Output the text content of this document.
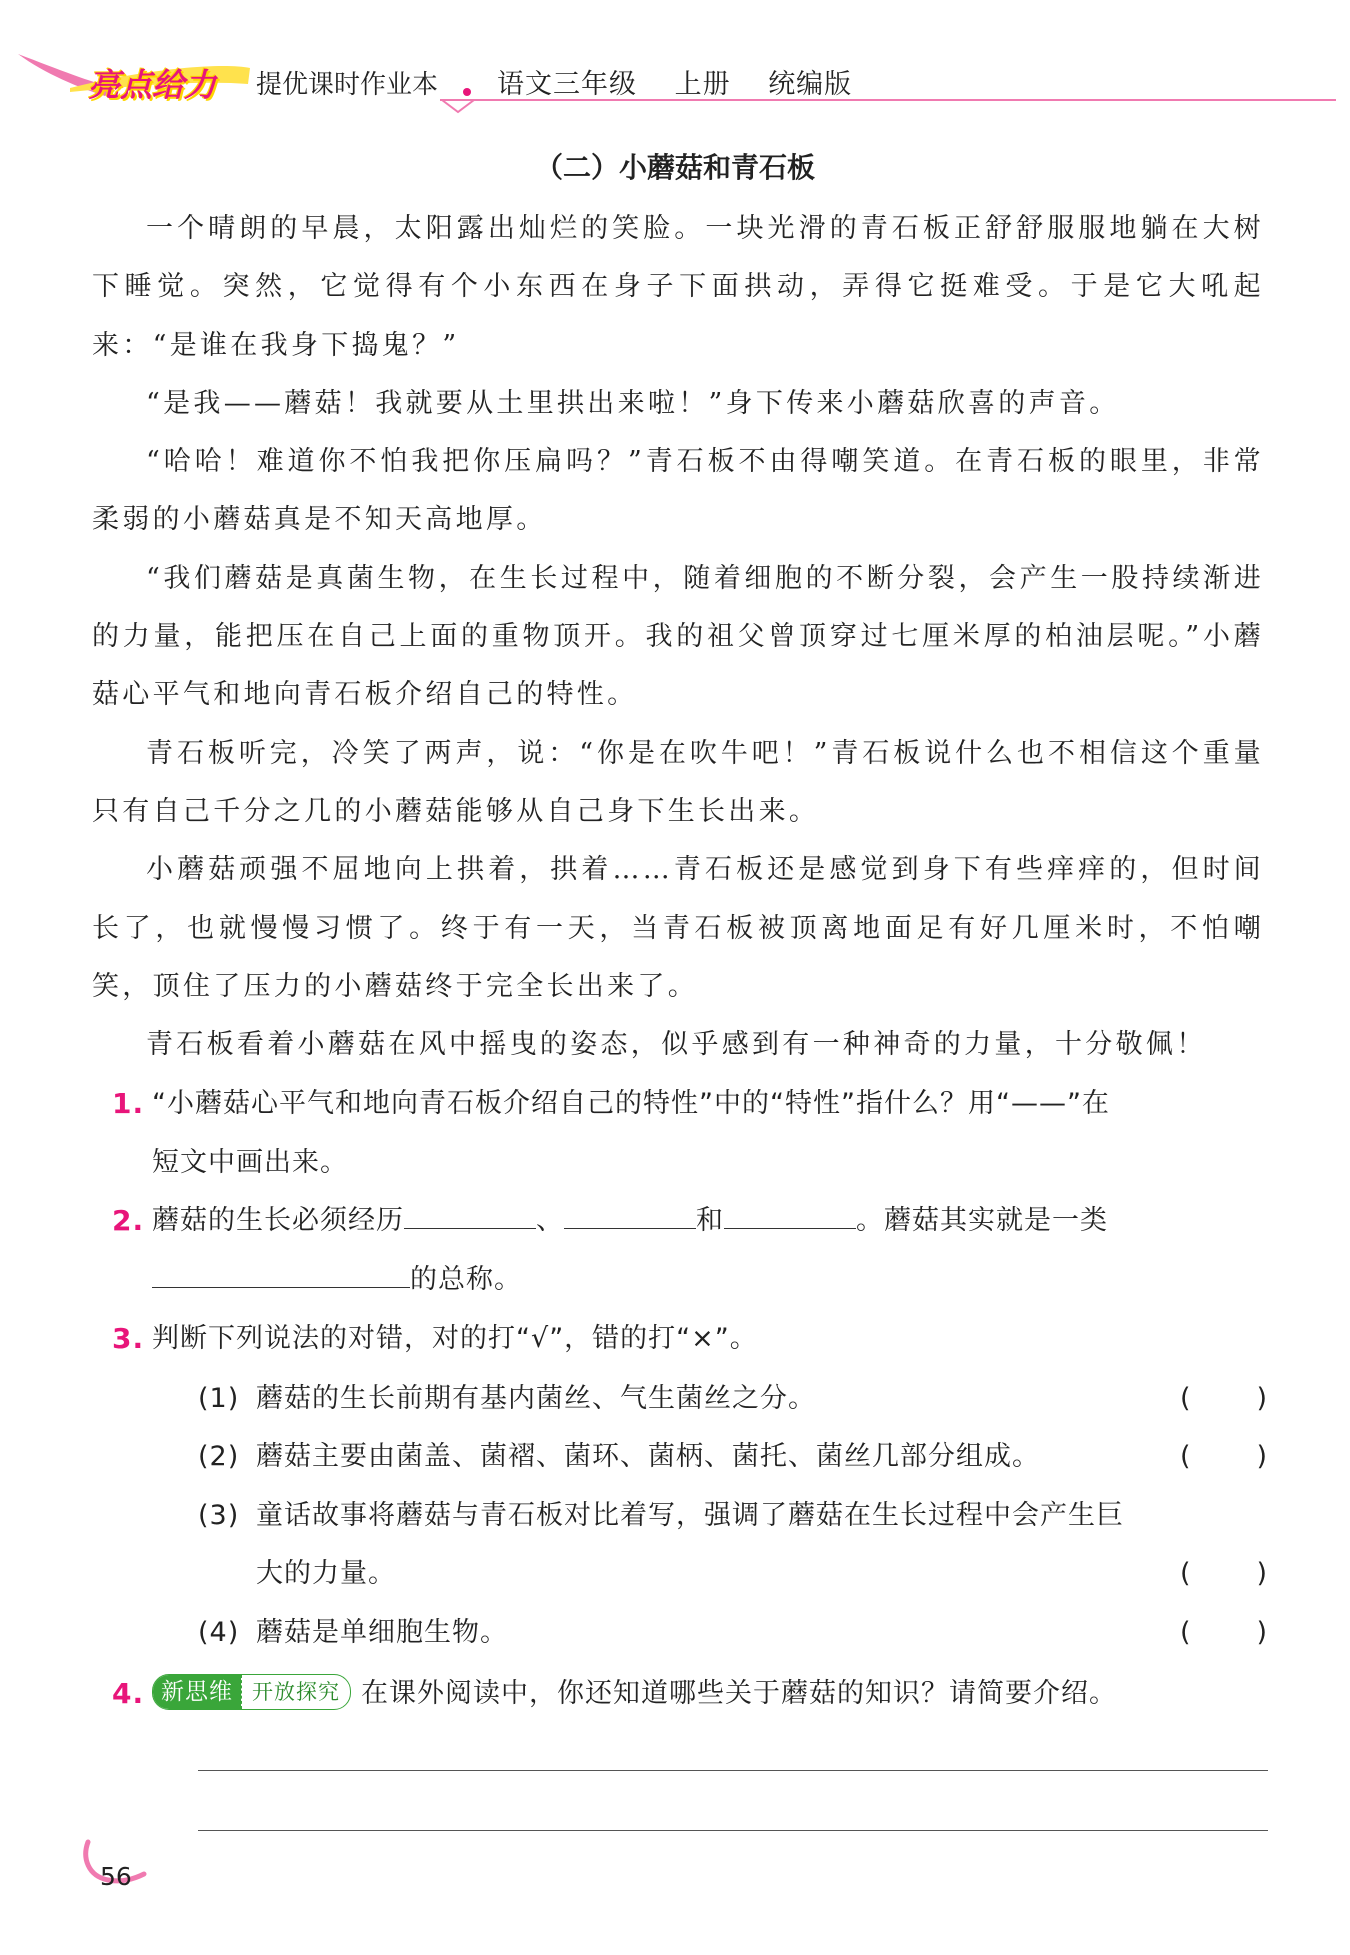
亮点给力 提优课时作业本 语文三年级 上册 统编版
（二）小蘑菇和青石板

一个晴朗的早晨，太阳露出灿烂的笑脸。一块光滑的青石板正舒舒服服地躺在大树下睡觉。突然，它觉得有个小东西在身子下面拱动，弄得它挺难受。于是它大吼起来：“是谁在我身下捣鬼？”

“是我——蘑菇！我就要从土里拱出来啦！”身下传来小蘑菇欣喜的声音。

“哈哈！难道你不怕我把你压扁吗？”青石板不由得嘲笑道。在青石板的眼里，非常柔弱的小蘑菇真是不知天高地厚。

“我们蘑菇是真菌生物，在生长过程中，随着细胞的不断分裂，会产生一股持续渐进的力量，能把压在自己上面的重物顶开。我的祖父曾顶穿过七厘米厚的柏油层呢。”小蘑菇心平气和地向青石板介绍自己的特性。

青石板听完，冷笑了两声，说：“你是在吹牛吧！”青石板说什么也不相信这个重量只有自己千分之几的小蘑菇能够从自己身下生长出来。

小蘑菇顽强不屈地向上拱着，拱着……青石板还是感觉到身下有些痒痒的，但时间长了，也就慢慢习惯了。终于有一天，当青石板被顶离地面足有好几厘米时，不怕嘲笑，顶住了压力的小蘑菇终于完全长出来了。

青石板看着小蘑菇在风中摇曳的姿态，似乎感到有一种神奇的力量，十分敬佩！

1. “小蘑菇心平气和地向青石板介绍自己的特性”中的“特性”指什么？用“——”在
短文中画出来。
2. 蘑菇的生长必须经历	、	和	。蘑菇其实就是一类
的总称。
3. 判断下列说法的对错，对的打“√”，错的打“×”。
(1) 蘑菇的生长前期有基内菌丝、气生菌丝之分。	( )
(2) 蘑菇主要由菌盖、菌褶、菌环、菌柄、菌托、菌丝几部分组成。	( )
(3) 童话故事将蘑菇与青石板对比着写，强调了蘑菇在生长过程中会产生巨
大的力量。	( )
(4) 蘑菇是单细胞生物。	( )
4. 新思维 开放探究 在课外阅读中，你还知道哪些关于蘑菇的知识？请简要介绍。
56
